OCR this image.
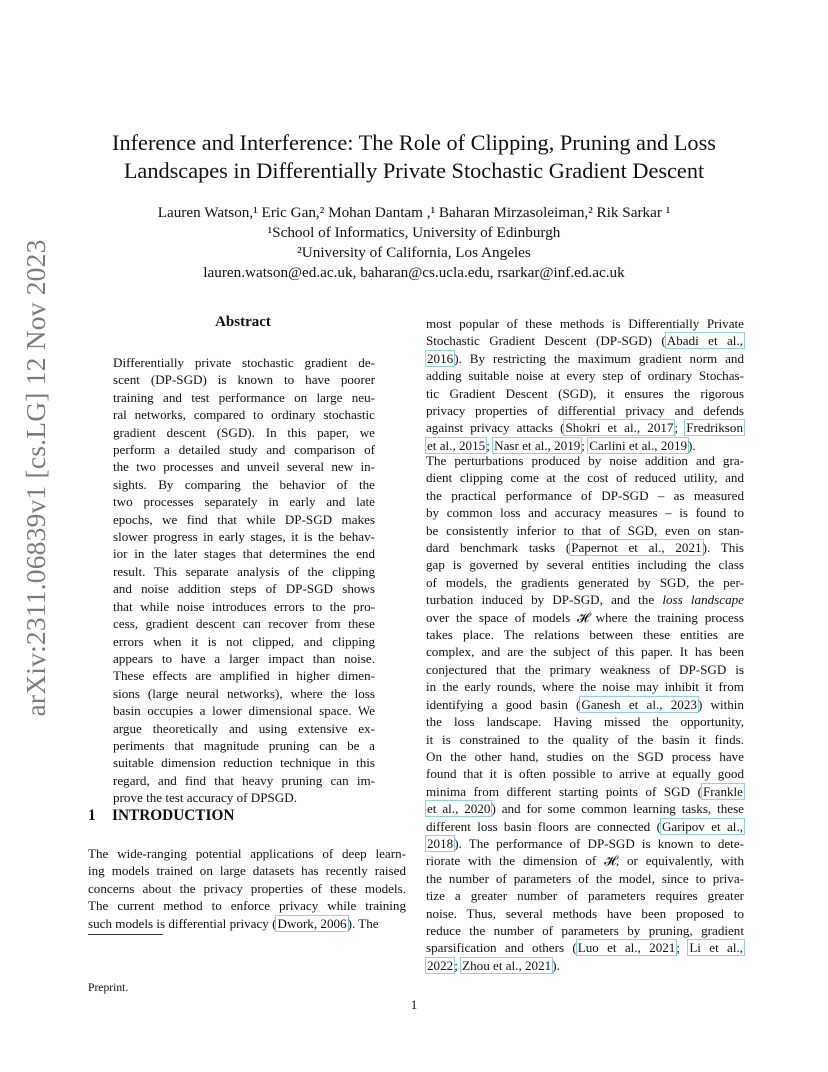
arXiv:2311.06839v1 [cs.LG] 12 Nov 2023
Inference and Interference: The Role of Clipping, Pruning and Loss
Landscapes in Differentially Private Stochastic Gradient Descent
Lauren Watson,¹ Eric Gan,² Mohan Dantam ,¹ Baharan Mirzasoleiman,² Rik Sarkar ¹
¹School of Informatics, University of Edinburgh
²University of California, Los Angeles
lauren.watson@ed.ac.uk, baharan@cs.ucla.edu, rsarkar@inf.ed.ac.uk
Abstract
Differentially private stochastic gradient de-
scent (DP-SGD) is known to have poorer
training and test performance on large neu-
ral networks, compared to ordinary stochastic
gradient descent (SGD). In this paper, we
perform a detailed study and comparison of
the two processes and unveil several new in-
sights. By comparing the behavior of the
two processes separately in early and late
epochs, we find that while DP-SGD makes
slower progress in early stages, it is the behav-
ior in the later stages that determines the end
result. This separate analysis of the clipping
and noise addition steps of DP-SGD shows
that while noise introduces errors to the pro-
cess, gradient descent can recover from these
errors when it is not clipped, and clipping
appears to have a larger impact than noise.
These effects are amplified in higher dimen-
sions (large neural networks), where the loss
basin occupies a lower dimensional space. We
argue theoretically and using extensive ex-
periments that magnitude pruning can be a
suitable dimension reduction technique in this
regard, and find that heavy pruning can im-
prove the test accuracy of DPSGD.
1 INTRODUCTION
The wide-ranging potential applications of deep learn-
ing models trained on large datasets has recently raised
concerns about the privacy properties of these models.
The current method to enforce privacy while training
such models is differential privacy (Dwork, 2006). The
most popular of these methods is Differentially Private
Stochastic Gradient Descent (DP-SGD) (Abadi et al.,
2016). By restricting the maximum gradient norm and
adding suitable noise at every step of ordinary Stochas-
tic Gradient Descent (SGD), it ensures the rigorous
privacy properties of differential privacy and defends
against privacy attacks (Shokri et al., 2017; Fredrikson
et al., 2015; Nasr et al., 2019; Carlini et al., 2019).
The perturbations produced by noise addition and gra-
dient clipping come at the cost of reduced utility, and
the practical performance of DP-SGD – as measured
by common loss and accuracy measures – is found to
be consistently inferior to that of SGD, even on stan-
dard benchmark tasks (Papernot et al., 2021). This
gap is governed by several entities including the class
of models, the gradients generated by SGD, the per-
turbation induced by DP-SGD, and the loss landscape
over the space of models 𝓗 where the training process
takes place. The relations between these entities are
complex, and are the subject of this paper. It has been
conjectured that the primary weakness of DP-SGD is
in the early rounds, where the noise may inhibit it from
identifying a good basin (Ganesh et al., 2023) within
the loss landscape. Having missed the opportunity,
it is constrained to the quality of the basin it finds.
On the other hand, studies on the SGD process have
found that it is often possible to arrive at equally good
minima from different starting points of SGD (Frankle
et al., 2020) and for some common learning tasks, these
different loss basin floors are connected (Garipov et al.,
2018). The performance of DP-SGD is known to dete-
riorate with the dimension of 𝓗, or equivalently, with
the number of parameters of the model, since to priva-
tize a greater number of parameters requires greater
noise. Thus, several methods have been proposed to
reduce the number of parameters by pruning, gradient
sparsification and others (Luo et al., 2021; Li et al.,
2022; Zhou et al., 2021).
Preprint.
1
